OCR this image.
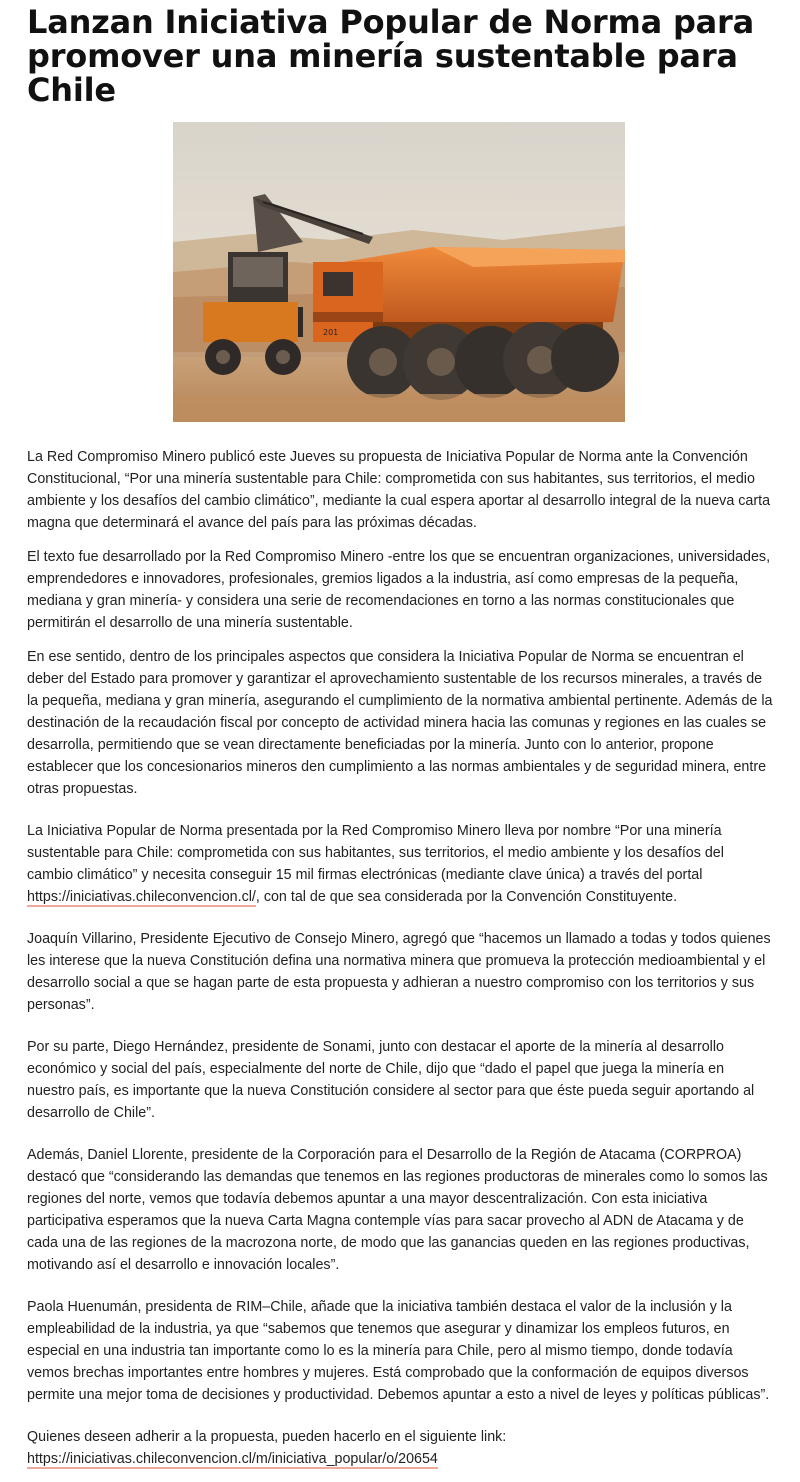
Lanzan Iniciativa Popular de Norma para promover una minería sustentable para Chile
201

La Red Compromiso Minero publicó este Jueves su propuesta de Iniciativa Popular de Norma ante la Convención Constitucional, “Por una minería sustentable para Chile: comprometida con sus habitantes, sus territorios, el medio ambiente y los desafíos del cambio climático”, mediante la cual espera aportar al desarrollo integral de la nueva carta magna que determinará el avance del país para las próximas décadas.

El texto fue desarrollado por la Red Compromiso Minero -entre los que se encuentran organizaciones, universidades, emprendedores e innovadores, profesionales, gremios ligados a la industria, así como empresas de la pequeña, mediana y gran minería- y considera una serie de recomendaciones en torno a las normas constitucionales que permitirán el desarrollo de una minería sustentable.

En ese sentido, dentro de los principales aspectos que considera la Iniciativa Popular de Norma se encuentran el deber del Estado para promover y garantizar el aprovechamiento sustentable de los recursos minerales, a través de la pequeña, mediana y gran minería, asegurando el cumplimiento de la normativa ambiental pertinente. Además de la destinación de la recaudación fiscal por concepto de actividad minera hacia las comunas y regiones en las cuales se desarrolla, permitiendo que se vean directamente beneficiadas por la minería. Junto con lo anterior, propone establecer que los concesionarios mineros den cumplimiento a las normas ambientales y de seguridad minera, entre otras propuestas.

La Iniciativa Popular de Norma presentada por la Red Compromiso Minero lleva por nombre “Por una minería sustentable para Chile: comprometida con sus habitantes, sus territorios, el medio ambiente y los desafíos del cambio climático” y necesita conseguir 15 mil firmas electrónicas (mediante clave única) a través del portal https://iniciativas.chileconvencion.cl/, con tal de que sea considerada por la Convención Constituyente.

Joaquín Villarino, Presidente Ejecutivo de Consejo Minero, agregó que “hacemos un llamado a todas y todos quienes les interese que la nueva Constitución defina una normativa minera que promueva la protección medioambiental y el desarrollo social a que se hagan parte de esta propuesta y adhieran a nuestro compromiso con los territorios y sus personas”.

Por su parte, Diego Hernández, presidente de Sonami, junto con destacar el aporte de la minería al desarrollo económico y social del país, especialmente del norte de Chile, dijo que “dado el papel que juega la minería en nuestro país, es importante que la nueva Constitución considere al sector para que éste pueda seguir aportando al desarrollo de Chile”.

Además, Daniel Llorente, presidente de la Corporación para el Desarrollo de la Región de Atacama (CORPROA) destacó que “considerando las demandas que tenemos en las regiones productoras de minerales como lo somos las regiones del norte, vemos que todavía debemos apuntar a una mayor descentralización. Con esta iniciativa participativa esperamos que la nueva Carta Magna contemple vías para sacar provecho al ADN de Atacama y de cada una de las regiones de la macrozona norte, de modo que las ganancias queden en las regiones productivas, motivando así el desarrollo e innovación locales”.

Paola Huenumán, presidenta de RIM–Chile, añade que la iniciativa también destaca el valor de la inclusión y la empleabilidad de la industria, ya que “sabemos que tenemos que asegurar y dinamizar los empleos futuros, en especial en una industria tan importante como lo es la minería para Chile, pero al mismo tiempo, donde todavía vemos brechas importantes entre hombres y mujeres. Está comprobado que la conformación de equipos diversos permite una mejor toma de decisiones y productividad. Debemos apuntar a esto a nivel de leyes y políticas públicas”.

Quienes deseen adherir a la propuesta, pueden hacerlo en el siguiente link: https://iniciativas.chileconvencion.cl/m/iniciativa_popular/o/20654
